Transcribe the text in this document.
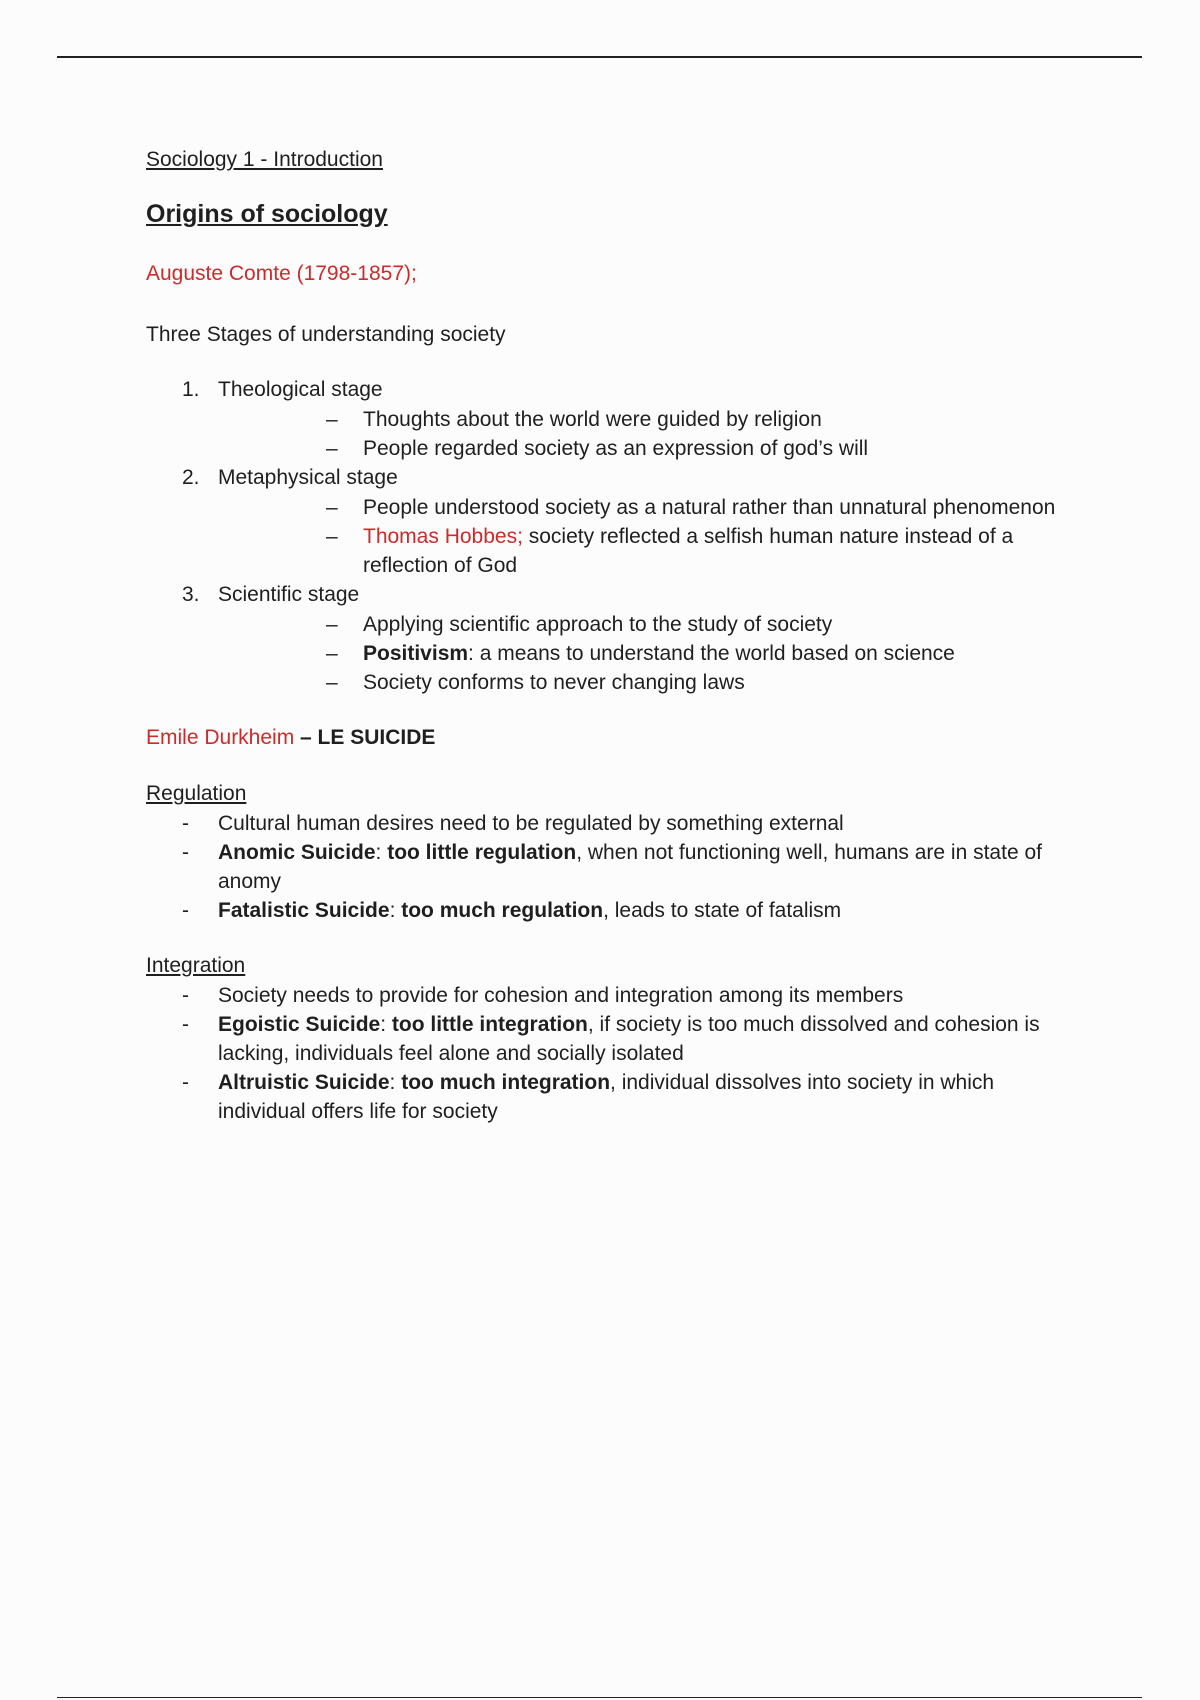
Sociology 1 - Introduction

Origins of sociology

Auguste Comte (1798-1857);

Three Stages of understanding society

1. Theological stage
– Thoughts about the world were guided by religion
– People regarded society as an expression of god’s will
2. Metaphysical stage
– People understood society as a natural rather than unnatural phenomenon
– Thomas Hobbes; society reflected a selfish human nature instead of a reflection of God
3. Scientific stage
– Applying scientific approach to the study of society
– Positivism: a means to understand the world based on science
– Society conforms to never changing laws

Emile Durkheim – LE SUICIDE

Regulation

- Cultural human desires need to be regulated by something external
- Anomic Suicide: too little regulation, when not functioning well, humans are in state of anomy
- Fatalistic Suicide: too much regulation, leads to state of fatalism

Integration

- Society needs to provide for cohesion and integration among its members
- Egoistic Suicide: too little integration, if society is too much dissolved and cohesion is lacking, individuals feel alone and socially isolated
- Altruistic Suicide: too much integration, individual dissolves into society in which individual offers life for society
